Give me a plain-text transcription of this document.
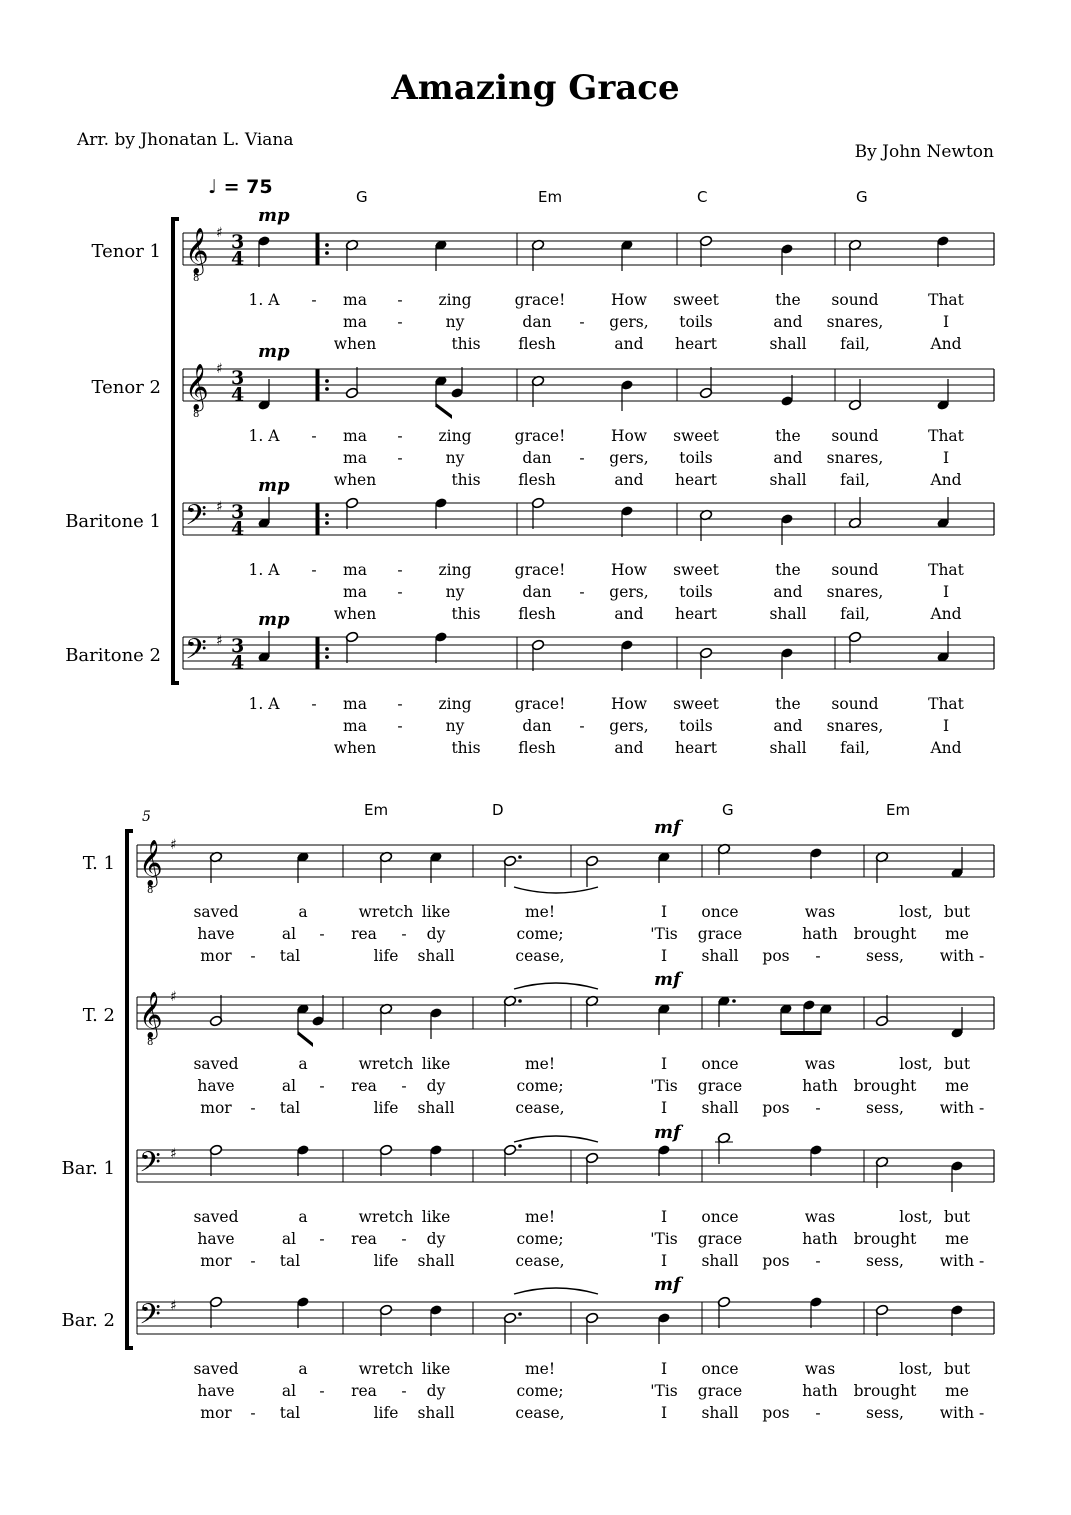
Amazing Grace
Arr. by Jhonatan L. Viana
By John Newton
♩ = 75
𝄞
8
♯ 3
4
𝄞
8
♯ 3
4
𝄢 ♯ 3
4
𝄢 ♯ 3
4
𝄞
8
♯
𝄞
8
♯
𝄢 ♯
𝄢 ♯
G	Em	C	G
Tenor 1
mp
1. A - ma - zing	grace!	How sweet	the sound	That
ma -	ny	dan - gers, toils	and snares,	I
when	this flesh	and heart	shall fail,	And
Tenor 2
mp
1. A - ma - zing	grace!	How sweet	the sound	That
ma -	ny	dan - gers, toils	and snares,	I
when	this flesh	and heart	shall fail,	And
Baritone 1
mp
1. A - ma - zing	grace!	How sweet	the sound	That
ma -	ny	dan - gers, toils	and snares,	I
when	this flesh	and heart	shall fail,	And
Baritone 2
mp
1. A - ma - zing	grace!	How sweet	the sound	That
ma -	ny	dan - gers, toils	and snares,	I
when	this flesh	and heart	shall fail,	And
5	Em	D	G	Em
T. 1
mf
saved	a	wretch like	me!	I once	was	lost, but
have	al - rea - dy	come;	'Tis grace	hath brought me
mor - tal	life shall	cease,	I shall pos -	sess, with -
T. 2
mf
saved	a	wretch like	me!	I once	was	lost, but
have	al - rea - dy	come;	'Tis grace	hath brought me
mor - tal	life shall	cease,	I shall pos -	sess, with -
Bar. 1
mf
saved	a	wretch like	me!	I once	was	lost, but
have	al - rea - dy	come;	'Tis grace	hath brought me
mor - tal	life shall	cease,	I shall pos -	sess, with -
Bar. 2
mf
saved	a	wretch like	me!	I once	was	lost, but
have	al - rea - dy	come;	'Tis grace	hath brought me
mor - tal	life shall	cease,	I shall pos -	sess, with -
